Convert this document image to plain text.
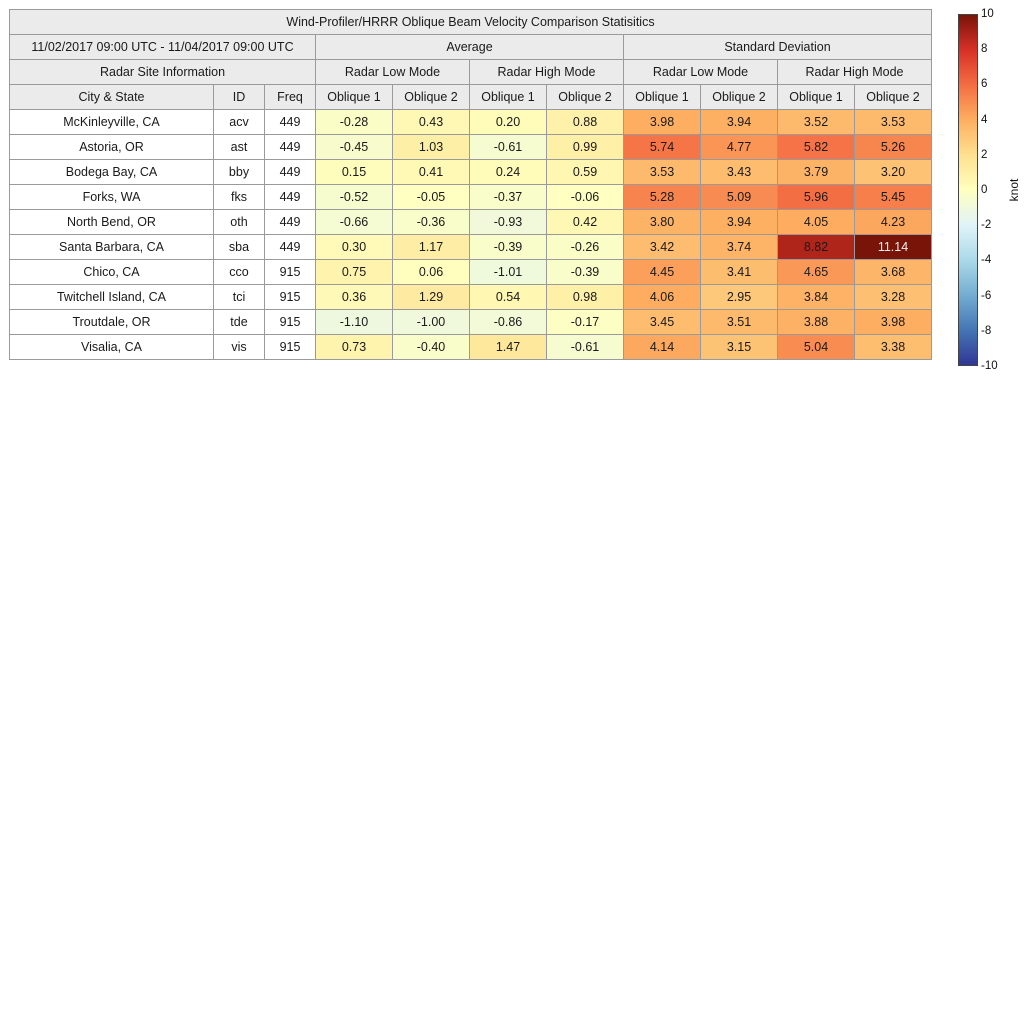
Wind-Profiler/HRRR Oblique Beam Velocity Comparison Statisitics										
11/02/2017 09:00 UTC - 11/04/2017 09:00 UTC			Average				Standard Deviation			
Radar Site Information			Radar Low Mode		Radar High Mode		Radar Low Mode		Radar High Mode	
City & State	ID	Freq	Oblique 1	Oblique 2	Oblique 1	Oblique 2	Oblique 1	Oblique 2	Oblique 1	Oblique 2
McKinleyville, CA	acv	449	-0.28	0.43	0.20	0.88	3.98	3.94	3.52	3.53
Astoria, OR	ast	449	-0.45	1.03	-0.61	0.99	5.74	4.77	5.82	5.26
Bodega Bay, CA	bby	449	0.15	0.41	0.24	0.59	3.53	3.43	3.79	3.20
Forks, WA	fks	449	-0.52	-0.05	-0.37	-0.06	5.28	5.09	5.96	5.45
North Bend, OR	oth	449	-0.66	-0.36	-0.93	0.42	3.80	3.94	4.05	4.23
Santa Barbara, CA	sba	449	0.30	1.17	-0.39	-0.26	3.42	3.74	8.82	11.14
Chico, CA	cco	915	0.75	0.06	-1.01	-0.39	4.45	3.41	4.65	3.68
Twitchell Island, CA	tci	915	0.36	1.29	0.54	0.98	4.06	2.95	3.84	3.28
Troutdale, OR	tde	915	-1.10	-1.00	-0.86	-0.17	3.45	3.51	3.88	3.98
Visalia, CA	vis	915	0.73	-0.40	1.47	-0.61	4.14	3.15	5.04	3.38
10
8
6
4
2
0
-2
-4
-6
-8
-10
knot
